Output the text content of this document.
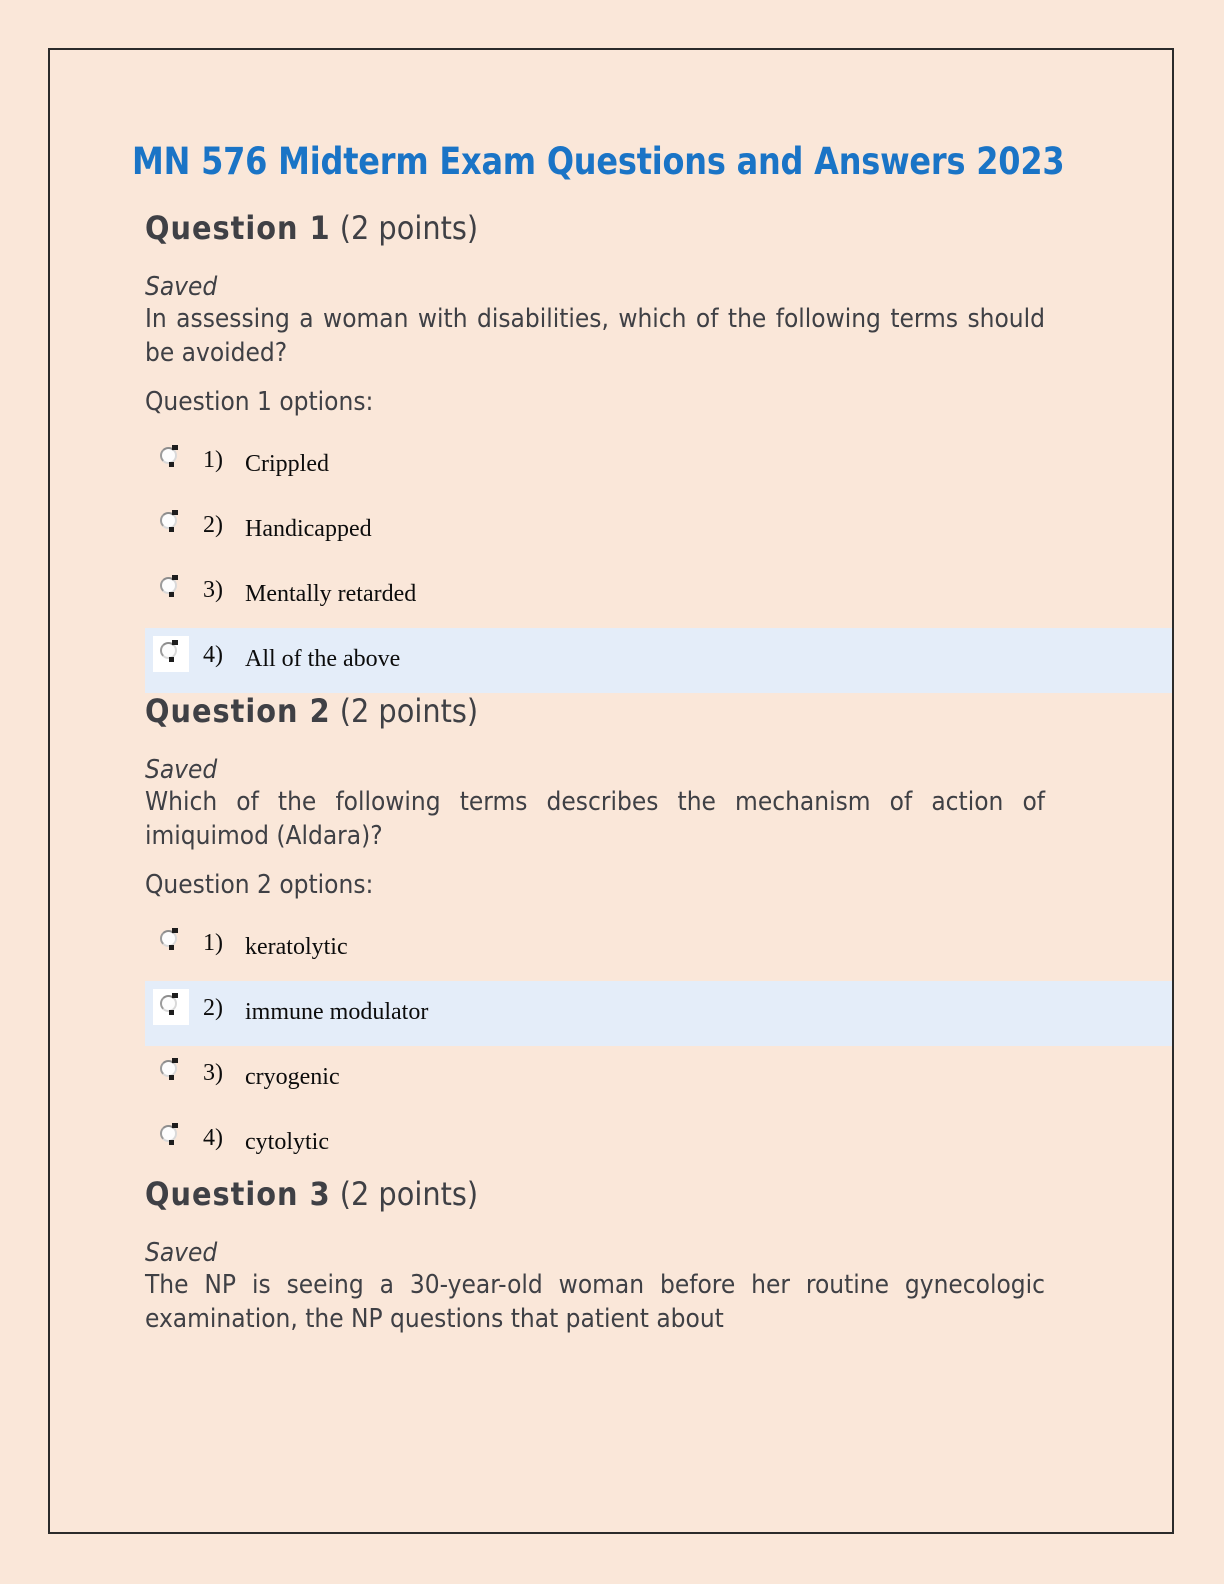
MN 576 Midterm Exam Questions and Answers 2023
Question 1 (2 points)

Saved

In assessing a woman with disabilities, which of the following terms should be avoided?

Question 1 options:

1) Crippled
2) Handicapped
3) Mentally retarded
4) All of the above
Question 2 (2 points)

Saved

Which of the following terms describes the mechanism of action of imiquimod (Aldara)?

Question 2 options:

1) keratolytic
2) immune modulator
3) cryogenic
4) cytolytic
Question 3 (2 points)

Saved

The NP is seeing a 30-year-old woman before her routine gynecologic examination, the NP questions that patient about
